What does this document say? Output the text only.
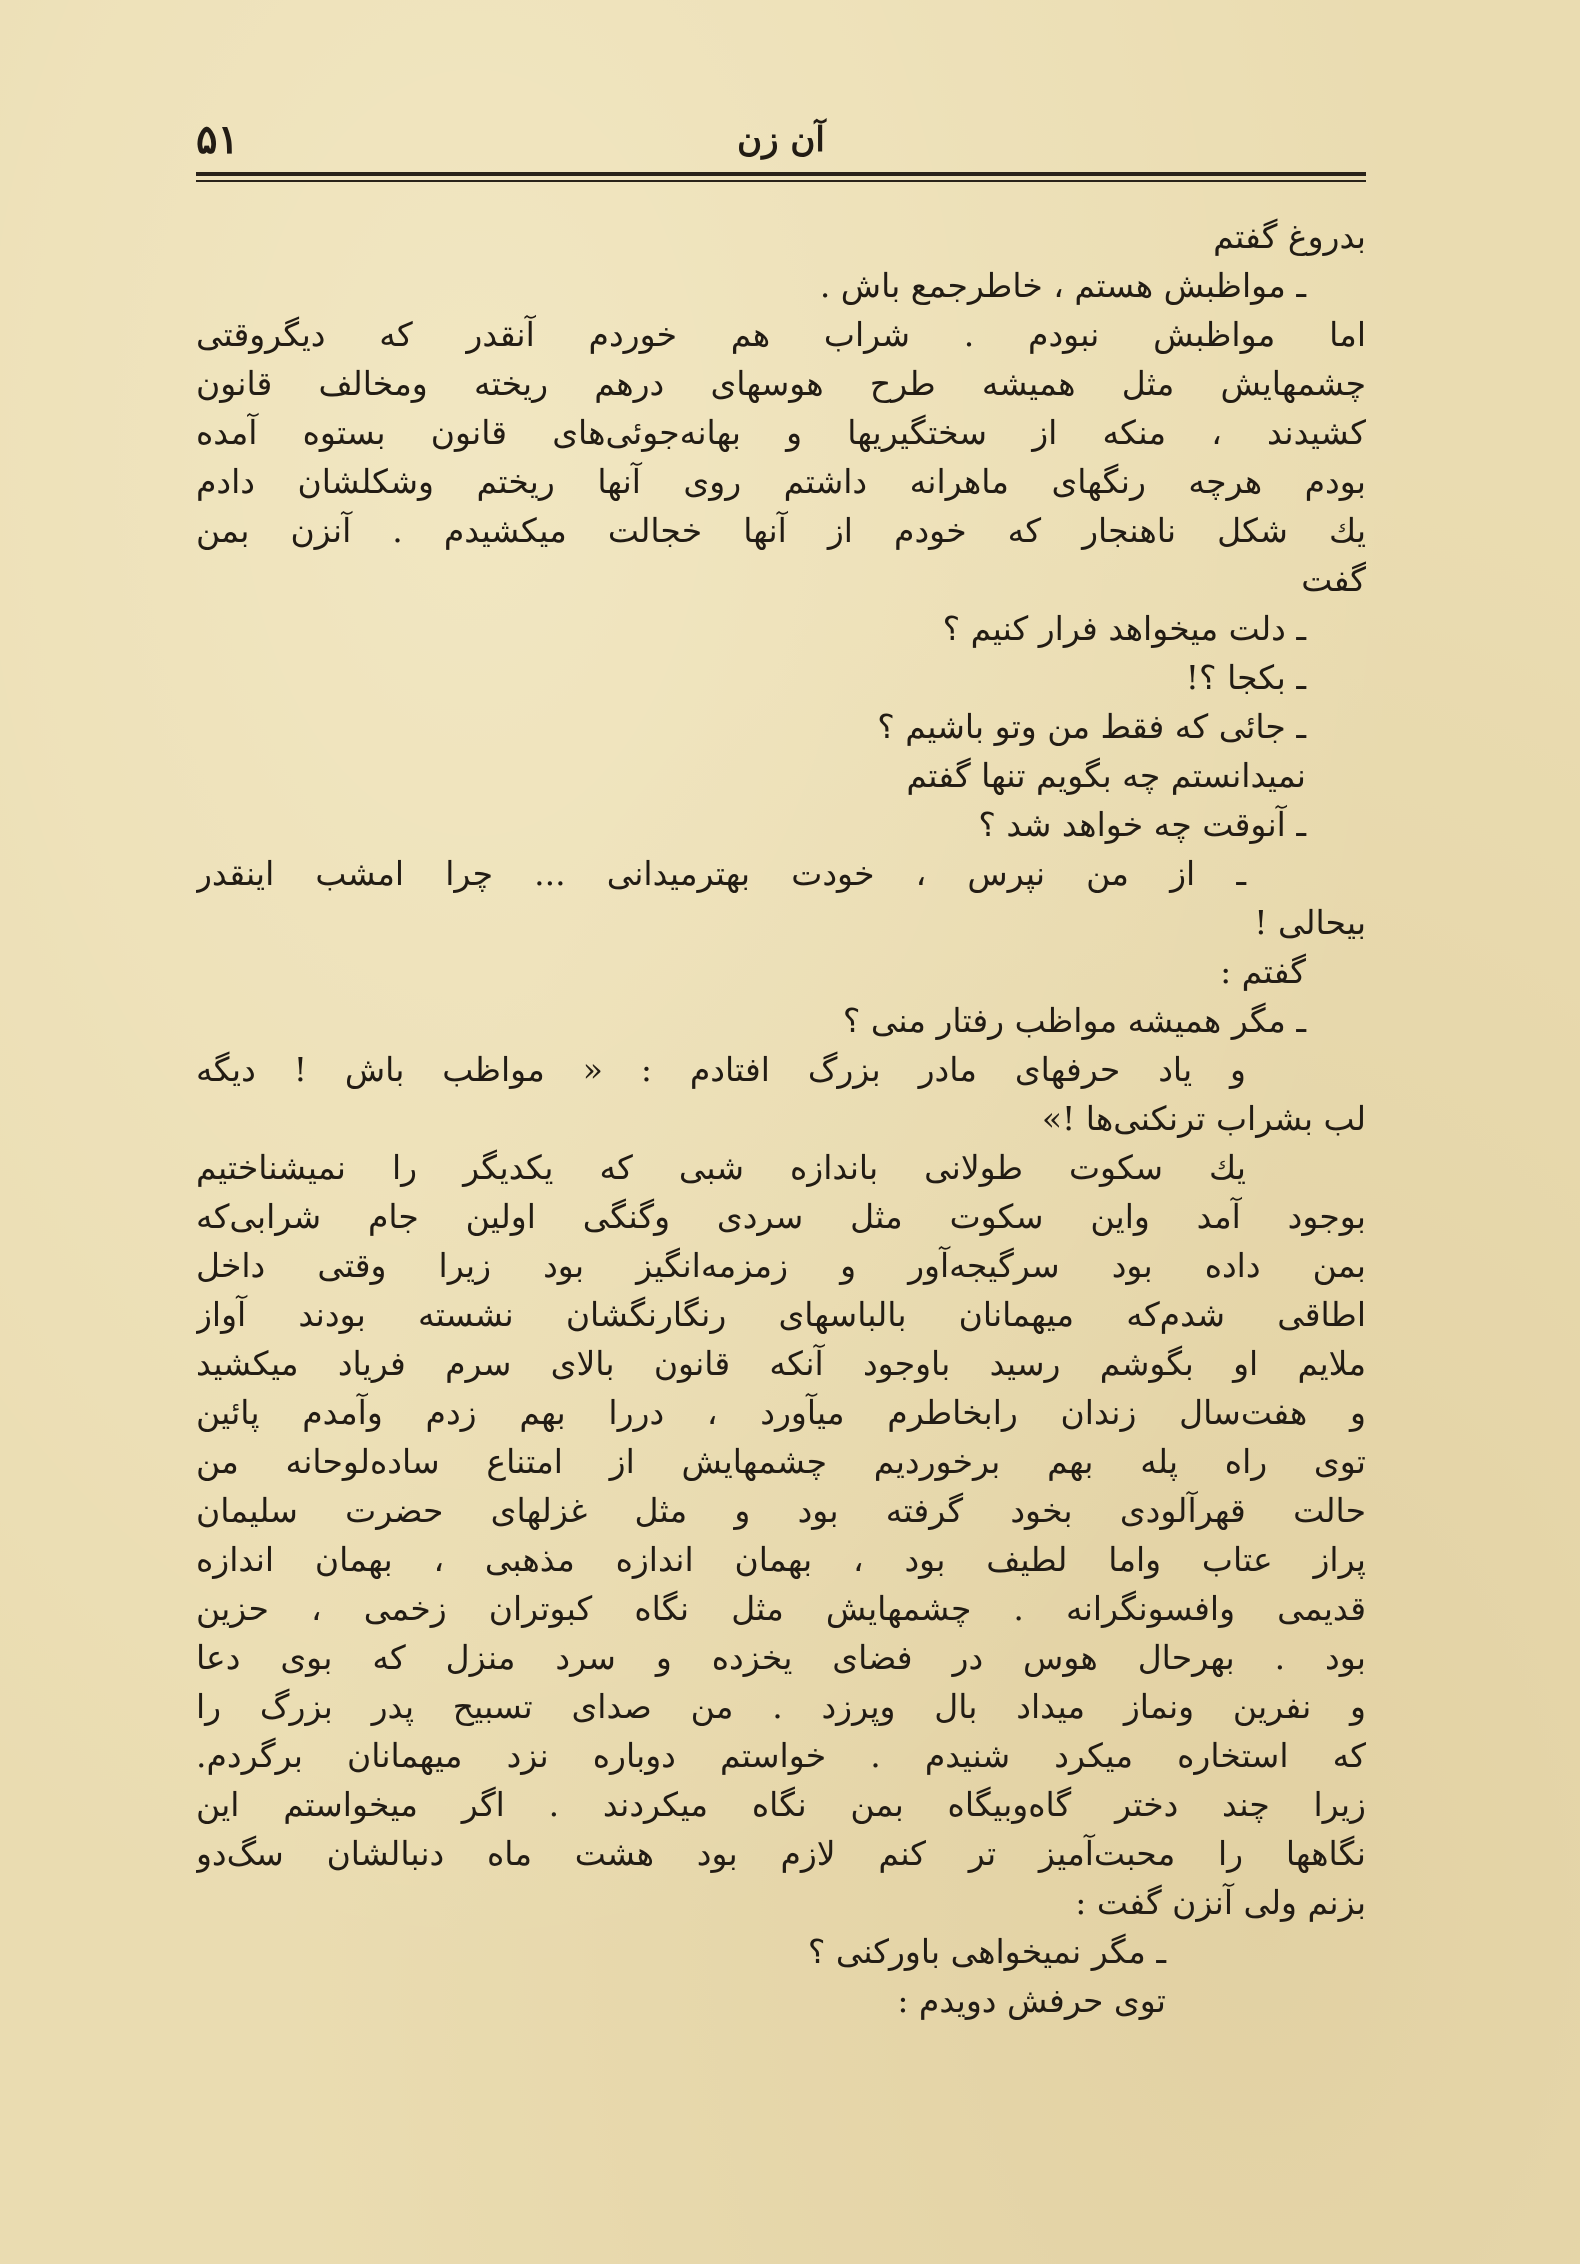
۵۱	آن زن
بدروغ گفتم
ـ مواظبش هستم ، خاطرجمع باش .
اما مواظبش نبودم . شراب هم خوردم آنقدر که دیگروقتی
چشمهایش مثل همیشه طرح هوسهای درهم ریخته ومخالف قانون
کشیدند ، منکه از سختگیریها و بهانه‌جوئی‌های قانون بستوه آمده
بودم هرچه رنگهای ماهرانه داشتم روی آنها ریختم وشکلشان دادم
یك شکل ناهنجار که خودم از آنها خجالت میکشیدم . آنزن بمن
گفت
ـ دلت میخواهد فرار کنیم ؟
ـ بکجا ؟!
ـ جائی که فقط من وتو باشیم ؟
نمیدانستم چه بگویم تنها گفتم
ـ آنوقت چه خواهد شد ؟
ـ از من نپرس ، خودت بهترمیدانی ... چرا امشب اینقدر
بیحالی !
گفتم :
ـ مگر همیشه مواظب رفتار منی ؟
و یاد حرفهای مادر بزرگ افتادم : « مواظب باش ! دیگه
لب بشراب ترنکنی‌ها !»
یك سکوت طولانی باندازه شبی که یکدیگر را نمیشناختیم
بوجود آمد واین سکوت مثل سردی وگنگی اولین جام شرابی‌که
بمن داده بود سرگیجه‌آور و زمزمه‌انگیز بود زیرا وقتی داخل
اطاقی شدم‌که میهمانان بالباسهای رنگارنگشان نشسته بودند آواز
ملایم او بگوشم رسید باوجود آنکه قانون بالای سرم فریاد میکشید
و هفت‌سال زندان رابخاطرم میآورد ، دررا بهم زدم وآمدم پائین
توی راه پله بهم برخوردیم چشمهایش از امتناع ساده‌لوحانه من
حالت قهرآلودی بخود گرفته بود و مثل غزلهای حضرت سلیمان
پراز عتاب واما لطیف بود ، بهمان اندازه مذهبی ، بهمان اندازه
قدیمی وافسونگرانه . چشمهایش مثل نگاه کبوتران زخمی ، حزین
بود . بهرحال هوس در فضای یخزده و سرد منزل که بوی دعا
و نفرین ونماز میداد بال وپرزد . من صدای تسبیح پدر بزرگ را
که استخاره میکرد شنیدم . خواستم دوباره نزد میهمانان برگردم.
زیرا چند دختر گاه‌وبیگاه بمن نگاه میکردند . اگر میخواستم این
نگاهها را محبت‌آمیز تر کنم لازم بود هشت ماه دنبالشان سگ‌دو
بزنم ولی آنزن گفت :
ـ مگر نمیخواهی باورکنی ؟
توی حرفش دویدم :
